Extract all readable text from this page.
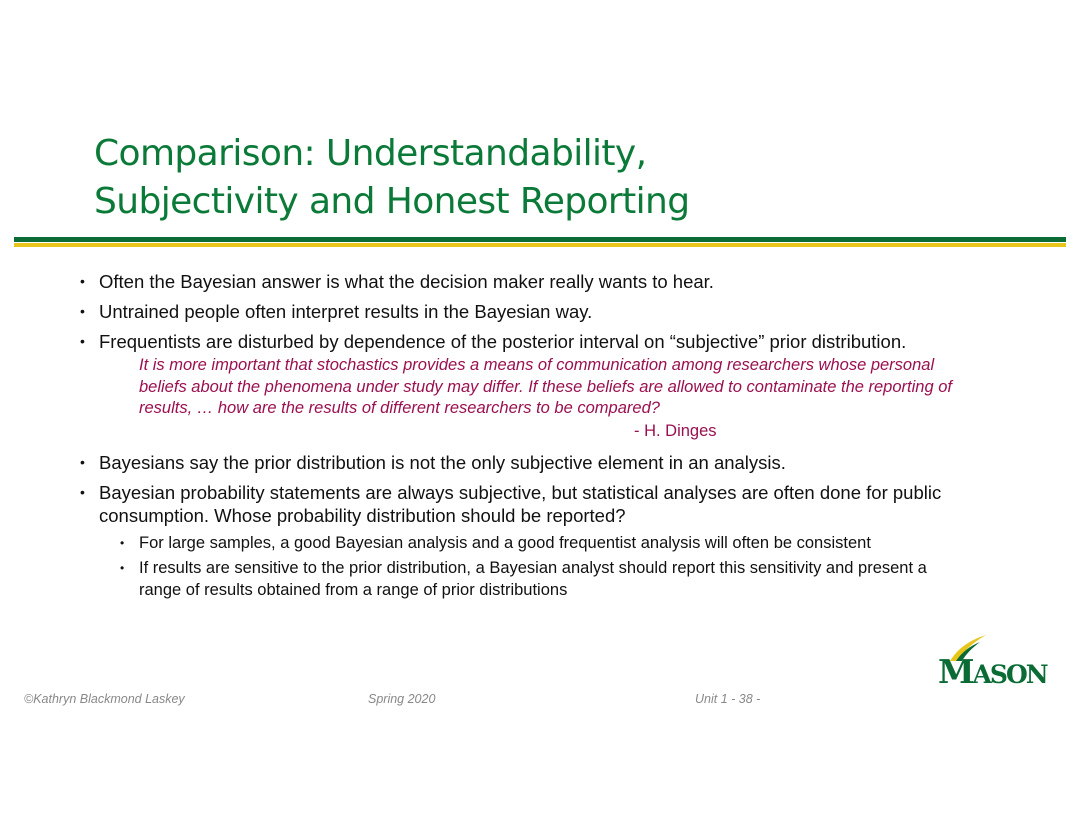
Comparison: Understandability,
Subjectivity and Honest Reporting
•
Often the Bayesian answer is what the decision maker really wants to hear.
•
Untrained people often interpret results in the Bayesian way.
•
Frequentists are disturbed by dependence of the posterior interval on “subjective” prior distribution.
It is more important that stochastics provides a means of communication among researchers whose personal beliefs about the phenomena under study may differ. If these beliefs are allowed to contaminate the reporting of results, … how are the results of different researchers to be compared?
- H. Dinges
•
Bayesians say the prior distribution is not the only subjective element in an analysis.
•
Bayesian probability statements are always subjective, but statistical analyses are often done for public consumption. Whose probability distribution should be reported?
•
For large samples, a good Bayesian analysis and a good frequentist analysis will often be consistent
•
If results are sensitive to the prior distribution, a Bayesian analyst should report this sensitivity and present a range of results obtained from a range of prior distributions
©Kathryn Blackmond Laskey	Spring 2020	Unit 1 - 38 -
MASON
